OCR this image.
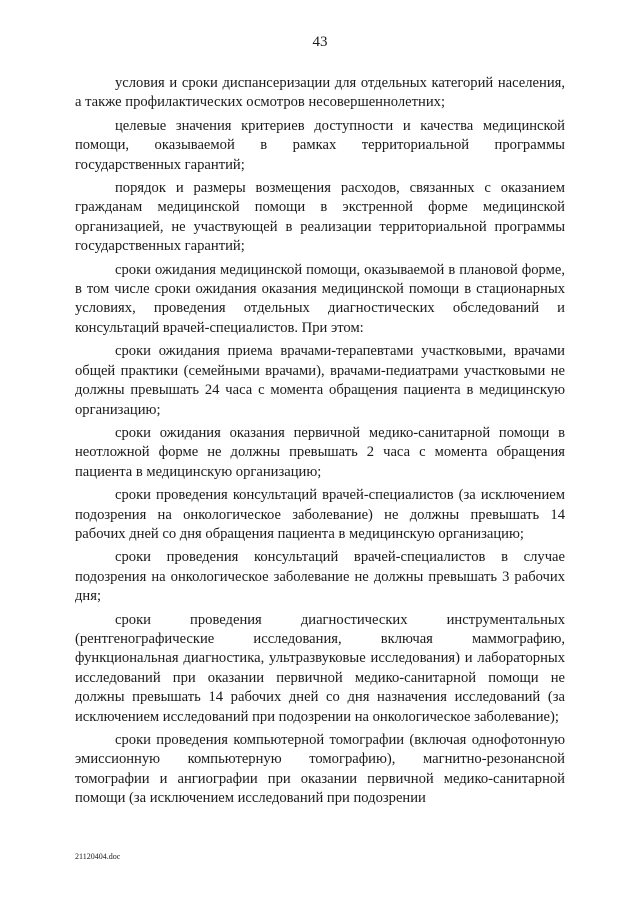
43

условия и сроки диспансеризации для отдельных категорий населения, а также профилактических осмотров несовершеннолетних;

целевые значения критериев доступности и качества медицинской помощи, оказываемой в рамках территориальной программы государственных гарантий;

порядок и размеры возмещения расходов, связанных с оказанием гражданам медицинской помощи в экстренной форме медицинской организацией, не участвующей в реализации территориальной программы государственных гарантий;

сроки ожидания медицинской помощи, оказываемой в плановой форме, в том числе сроки ожидания оказания медицинской помощи в стационарных условиях, проведения отдельных диагностических обследований и консультаций врачей-специалистов. При этом:

сроки ожидания приема врачами-терапевтами участковыми, врачами общей практики (семейными врачами), врачами-педиатрами участковыми не должны превышать 24 часа с момента обращения пациента в медицинскую организацию;

сроки ожидания оказания первичной медико-санитарной помощи в неотложной форме не должны превышать 2 часа с момента обращения пациента в медицинскую организацию;

сроки проведения консультаций врачей-специалистов (за исключением подозрения на онкологическое заболевание) не должны превышать 14 рабочих дней со дня обращения пациента в медицинскую организацию;

сроки проведения консультаций врачей-специалистов в случае подозрения на онкологическое заболевание не должны превышать 3 рабочих дня;

сроки проведения диагностических инструментальных (рентгенографические исследования, включая маммографию, функциональная диагностика, ультразвуковые исследования) и лабораторных исследований при оказании первичной медико-санитарной помощи не должны превышать 14 рабочих дней со дня назначения исследований (за исключением исследований при подозрении на онкологическое заболевание);

сроки проведения компьютерной томографии (включая однофотонную эмиссионную компьютерную томографию), магнитно-резонансной томографии и ангиографии при оказании первичной медико-санитарной помощи (за исключением исследований при подозрении

21120404.doc
